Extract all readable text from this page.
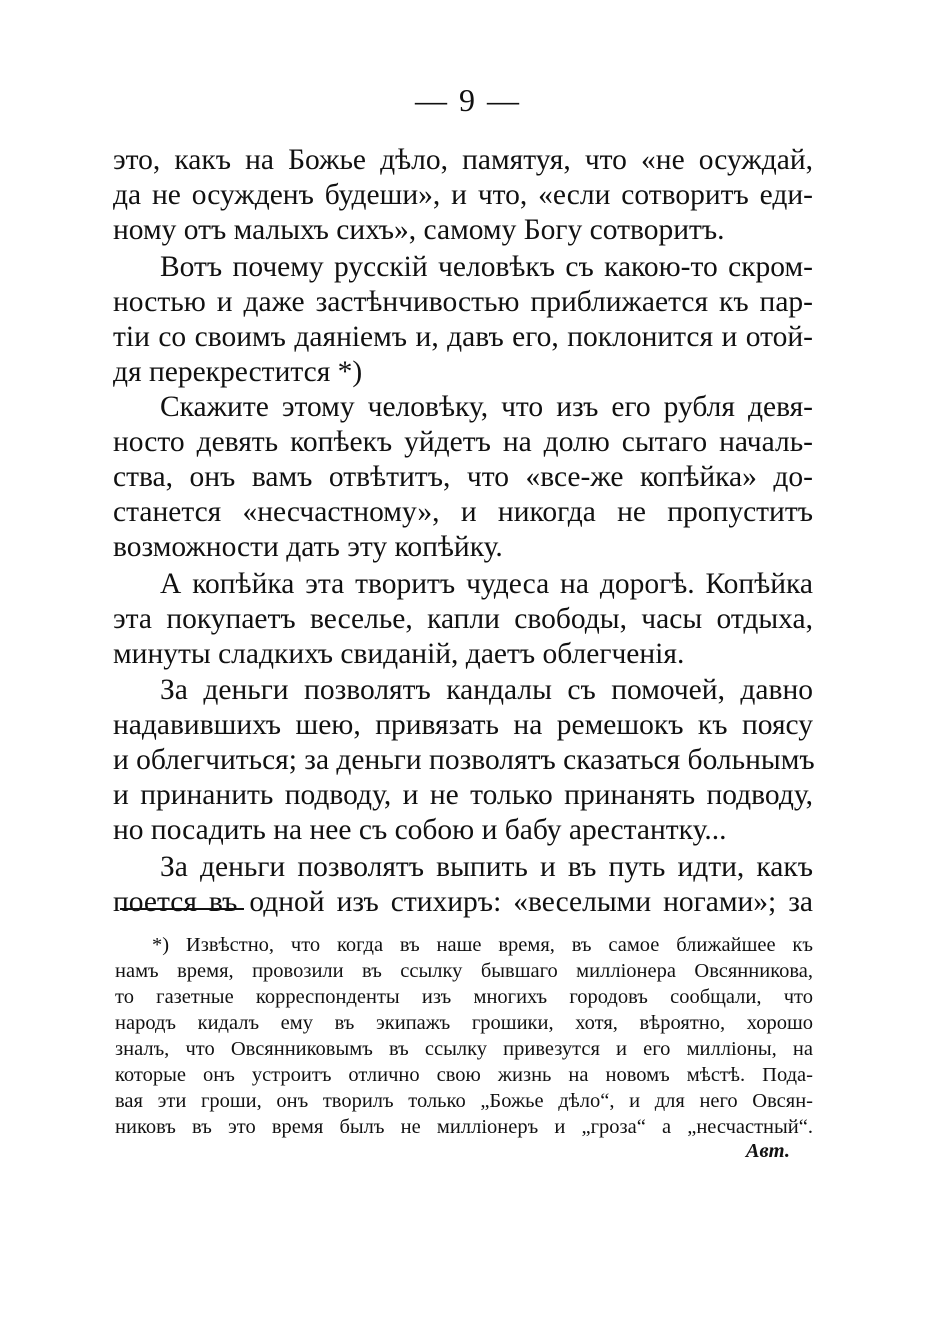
— 9 —
это, какъ на Божье дѣло, памятуя, что «не осуждай,
да не осужденъ будеши», и что, «если сотворитъ еди-
ному отъ малыхъ сихъ», самому Богу сотворитъ.
Вотъ почему русскій человѣкъ съ какою-то скром-
ностью и даже застѣнчивостью приближается къ пар-
тіи со своимъ даяніемъ и, давъ его, поклонится и отой-
дя перекрестится *)
Скажите этому человѣку, что изъ его рубля девя-
носто девять копѣекъ уйдетъ на долю сытаго началь-
ства, онъ вамъ отвѣтитъ, что «все-же копѣйка» до-
станется «несчастному», и никогда не пропуститъ
возможности дать эту копѣйку.
А копѣйка эта творитъ чудеса на дорогѣ. Копѣйка
эта покупаетъ веселье, капли свободы, часы отдыха,
минуты сладкихъ свиданій, даетъ облегченія.
За деньги позволятъ кандалы съ помочей, давно
надавившихъ шею, привязать на ремешокъ къ поясу
и облегчиться; за деньги позволятъ сказаться больнымъ
и принанить подводу, и не только принанять подводу,
но посадить на нее съ собою и бабу арестантку...
За деньги позволятъ выпить и въ путь идти, какъ
поется въ одной изъ стихиръ: «веселыми ногами»; за
*) Извѣстно, что когда въ наше время, въ самое ближайшее къ
намъ время, провозили въ ссылку бывшаго милліонера Овсянникова,
то газетные корреспонденты изъ многихъ городовъ сообщали, что
народъ кидалъ ему въ экипажъ грошики, хотя, вѣроятно, хорошо
зналъ, что Овсянниковымъ въ ссылку привезутся и его милліоны, на
которые онъ устроитъ отлично свою жизнь на новомъ мѣстѣ. Пода-
вая эти гроши, онъ творилъ только „Божье дѣло“, и для него Овсян-
никовъ въ это время былъ не милліонеръ и „гроза“ а „несчастный“.
Авт.
